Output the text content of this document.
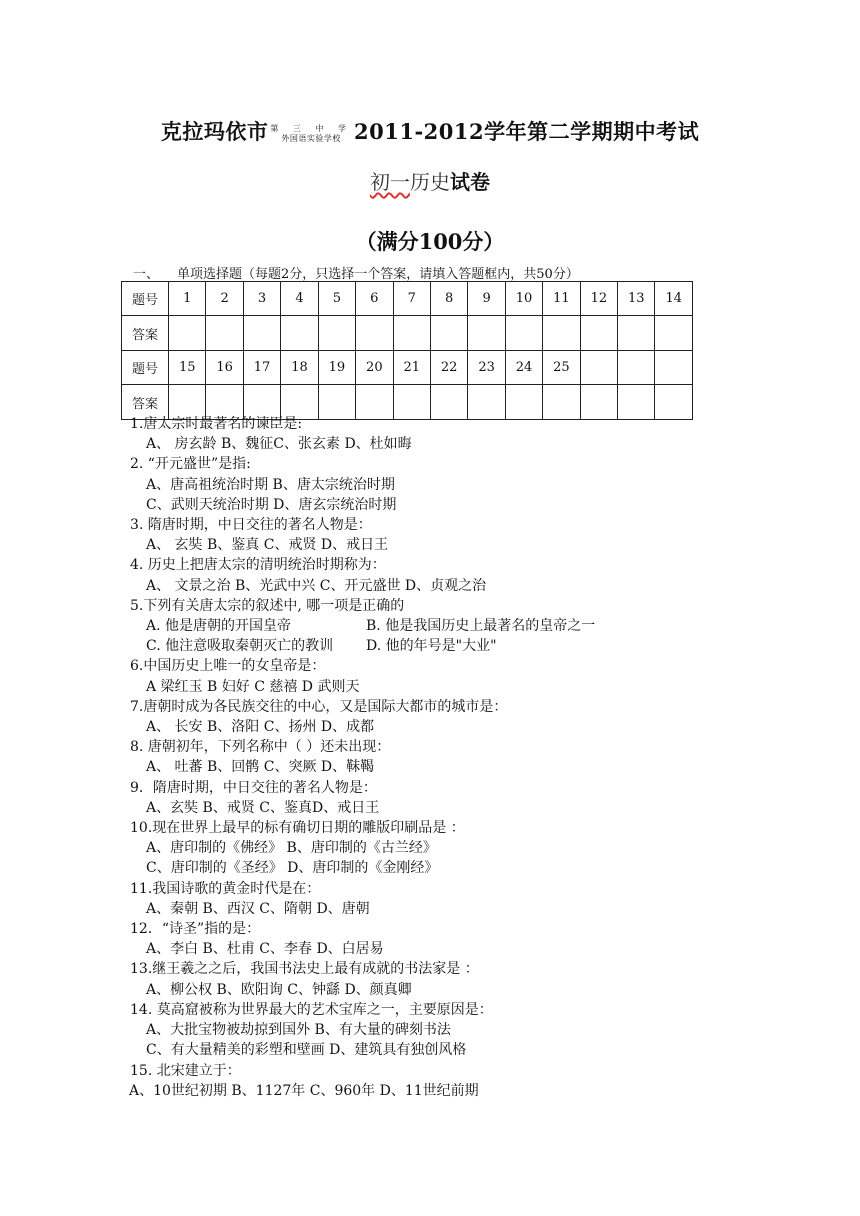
克拉玛依市 第 三 中 学
外国语实验学校 2011-2012学年第二学期期中考试
初一历史试卷
（满分100分）
一、 单项选择题（每题2分，只选择一个答案，请填入答题框内，共50分）
题号	1	2	3	4	5	6	7	8	9	10	11	12	13	14
答案														
题号	15	16	17	18	19	20	21	22	23	24	25			
答案														
1.唐太宗时最著名的谏臣是:
A、 房玄龄 B、魏征C、张玄素 D、杜如晦
2. “开元盛世”是指:
A、唐高祖统治时期 B、唐太宗统治时期
C、武则天统治时期 D、唐玄宗统治时期
3. 隋唐时期，中日交往的著名人物是：
A、 玄奘 B、鉴真 C、戒贤 D、戒日王
4. 历史上把唐太宗的清明统治时期称为：
A、 文景之治 B、光武中兴 C、开元盛世 D、贞观之治
5.下列有关唐太宗的叙述中, 哪一项是正确的
A. 他是唐朝的开国皇帝	B. 他是我国历史上最著名的皇帝之一
C. 他注意吸取秦朝灭亡的教训 D. 他的年号是"大业"
6.中国历史上唯一的女皇帝是：
A 梁红玉 B 妇好 C 慈禧 D 武则天
7.唐朝时成为各民族交往的中心，又是国际大都市的城市是：
A、 长安 B、洛阳 C、扬州 D、成都
8. 唐朝初年，下列名称中（ ）还未出现：
A、 吐蕃 B、回鹘 C、突厥 D、靺鞨
9．隋唐时期，中日交往的著名人物是：
A、玄奘 B、戒贤 C、鉴真D、戒日王
10.现在世界上最早的标有确切日期的雕版印刷品是 ：
A、唐印制的《佛经》 B、唐印制的《古兰经》
C、唐印制的《圣经》 D、唐印制的《金刚经》
11.我国诗歌的黄金时代是在：
A、秦朝 B、西汉 C、隋朝 D、唐朝
12．“诗圣”指的是：
A、李白 B、杜甫 C、李春 D、白居易
13.继王羲之之后，我国书法史上最有成就的书法家是 ：
A、柳公权 B、欧阳询 C、钟繇 D、颜真卿
14. 莫高窟被称为世界最大的艺术宝库之一，主要原因是：
A、大批宝物被劫掠到国外 B、有大量的碑刻书法
C、有大量精美的彩塑和壁画 D、建筑具有独创风格
15. 北宋建立于：
A、10世纪初期 B、1127年 C、960年 D、11世纪前期
